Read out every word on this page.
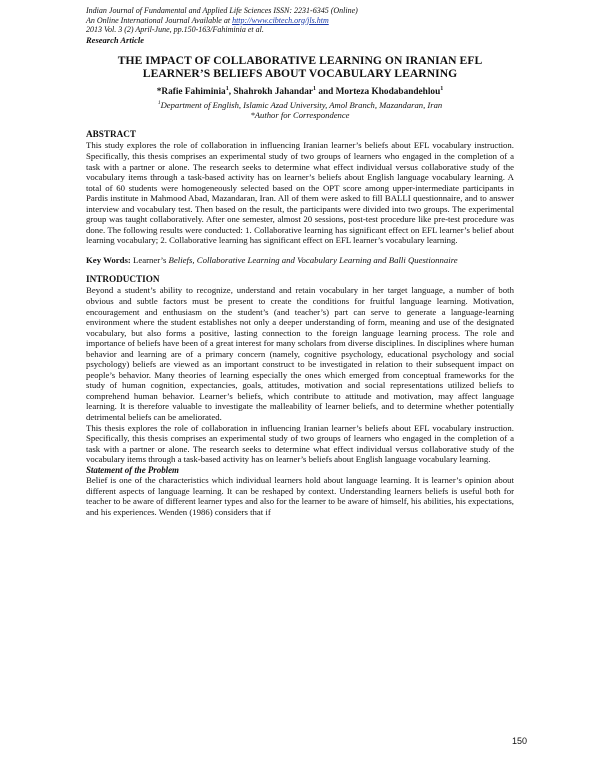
Indian Journal of Fundamental and Applied Life Sciences ISSN: 2231-6345 (Online)
An Online International Journal Available at http://www.cibtech.org/jls.htm
2013 Vol. 3 (2) April-June, pp.150-163/Fahiminia et al.
Research Article
THE IMPACT OF COLLABORATIVE LEARNING ON IRANIAN EFL
LEARNER’S BELIEFS ABOUT VOCABULARY LEARNING
*Rafie Fahiminia$^1$, Shahrokh Jahandar$^1$ and Morteza Khodabandehlou$^1$
$^1$Department of English, Islamic Azad University, Amol Branch, Mazandaran, Iran
*Author for Correspondence
ABSTRACT

This study explores the role of collaboration in influencing Iranian learner’s beliefs about EFL vocabulary instruction. Specifically, this thesis comprises an experimental study of two groups of learners who engaged in the completion of a task with a partner or alone. The research seeks to determine what effect individual versus collaborative study of the vocabulary items through a task-based activity has on learner’s beliefs about English language vocabulary learning. A total of 60 students were homogeneously selected based on the OPT score among upper-intermediate participants in Pardis institute in Mahmood Abad, Mazandaran, Iran. All of them were asked to fill BALLI questionnaire, and to answer interview and vocabulary test. Then based on the result, the participants were divided into two groups. The experimental group was taught collaboratively. After one semester, almost 20 sessions, post-test procedure like pre-test procedure was done. The following results were conducted: 1. Collaborative learning has significant effect on EFL learner’s belief about learning vocabulary; 2. Collaborative learning has significant effect on EFL learner’s vocabulary learning.

Key Words: Learner’s Beliefs, Collaborative Learning and Vocabulary Learning and Balli Questionnaire
INTRODUCTION

Beyond a student’s ability to recognize, understand and retain vocabulary in her target language, a number of both obvious and subtle factors must be present to create the conditions for fruitful language learning. Motivation, encouragement and enthusiasm on the student’s (and teacher’s) part can serve to generate a language-learning environment where the student establishes not only a deeper understanding of form, meaning and use of the designated vocabulary, but also forms a positive, lasting connection to the foreign language learning process. The role and importance of beliefs have been of a great interest for many scholars from diverse disciplines. In disciplines where human behavior and learning are of a primary concern (namely, cognitive psychology, educational psychology and social psychology) beliefs are viewed as an important construct to be investigated in relation to their subsequent impact on people’s behavior. Many theories of learning especially the ones which emerged from conceptual frameworks for the study of human cognition, expectancies, goals, attitudes, motivation and social representations utilized beliefs to comprehend human behavior. Learner’s beliefs, which contribute to attitude and motivation, may affect language learning. It is therefore valuable to investigate the malleability of learner beliefs, and to determine whether potentially detrimental beliefs can be ameliorated.

This thesis explores the role of collaboration in influencing Iranian learner’s beliefs about EFL vocabulary instruction. Specifically, this thesis comprises an experimental study of two groups of learners who engaged in the completion of a task with a partner or alone. The research seeks to determine what effect individual versus collaborative study of the vocabulary items through a task-based activity has on learner’s beliefs about English language vocabulary learning.

Statement of the Problem

Belief is one of the characteristics which individual learners hold about language learning. It is learner’s opinion about different aspects of language learning. It can be reshaped by context. Understanding learners beliefs is useful both for teacher to be aware of different learner types and also for the learner to be aware of himself, his abilities, his expectations, and his experiences. Wenden (1986) considers that if

150
